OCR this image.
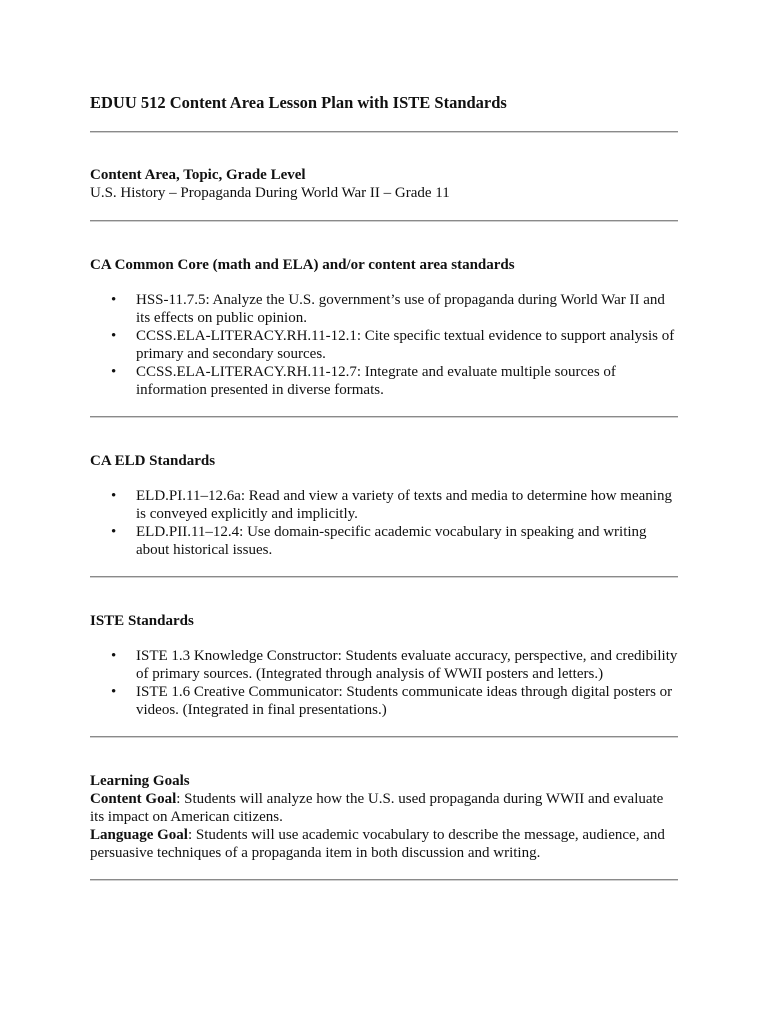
EDUU 512 Content Area Lesson Plan with ISTE Standards

Content Area, Topic, Grade Level

U.S. History – Propaganda During World War II – Grade 11

CA Common Core (math and ELA) and/or content area standards

• HSS-11.7.5: Analyze the U.S. government’s use of propaganda during World War II and its effects on public opinion.
• CCSS.ELA-LITERACY.RH.11-12.1: Cite specific textual evidence to support analysis of primary and secondary sources.
• CCSS.ELA-LITERACY.RH.11-12.7: Integrate and evaluate multiple sources of information presented in diverse formats.

CA ELD Standards

• ELD.PI.11–12.6a: Read and view a variety of texts and media to determine how meaning is conveyed explicitly and implicitly.
• ELD.PII.11–12.4: Use domain-specific academic vocabulary in speaking and writing about historical issues.

ISTE Standards

• ISTE 1.3 Knowledge Constructor: Students evaluate accuracy, perspective, and credibility of primary sources. (Integrated through analysis of WWII posters and letters.)
• ISTE 1.6 Creative Communicator: Students communicate ideas through digital posters or videos. (Integrated in final presentations.)

Learning Goals

Content Goal: Students will analyze how the U.S. used propaganda during WWII and evaluate its impact on American citizens.

Language Goal: Students will use academic vocabulary to describe the message, audience, and persuasive techniques of a propaganda item in both discussion and writing.
